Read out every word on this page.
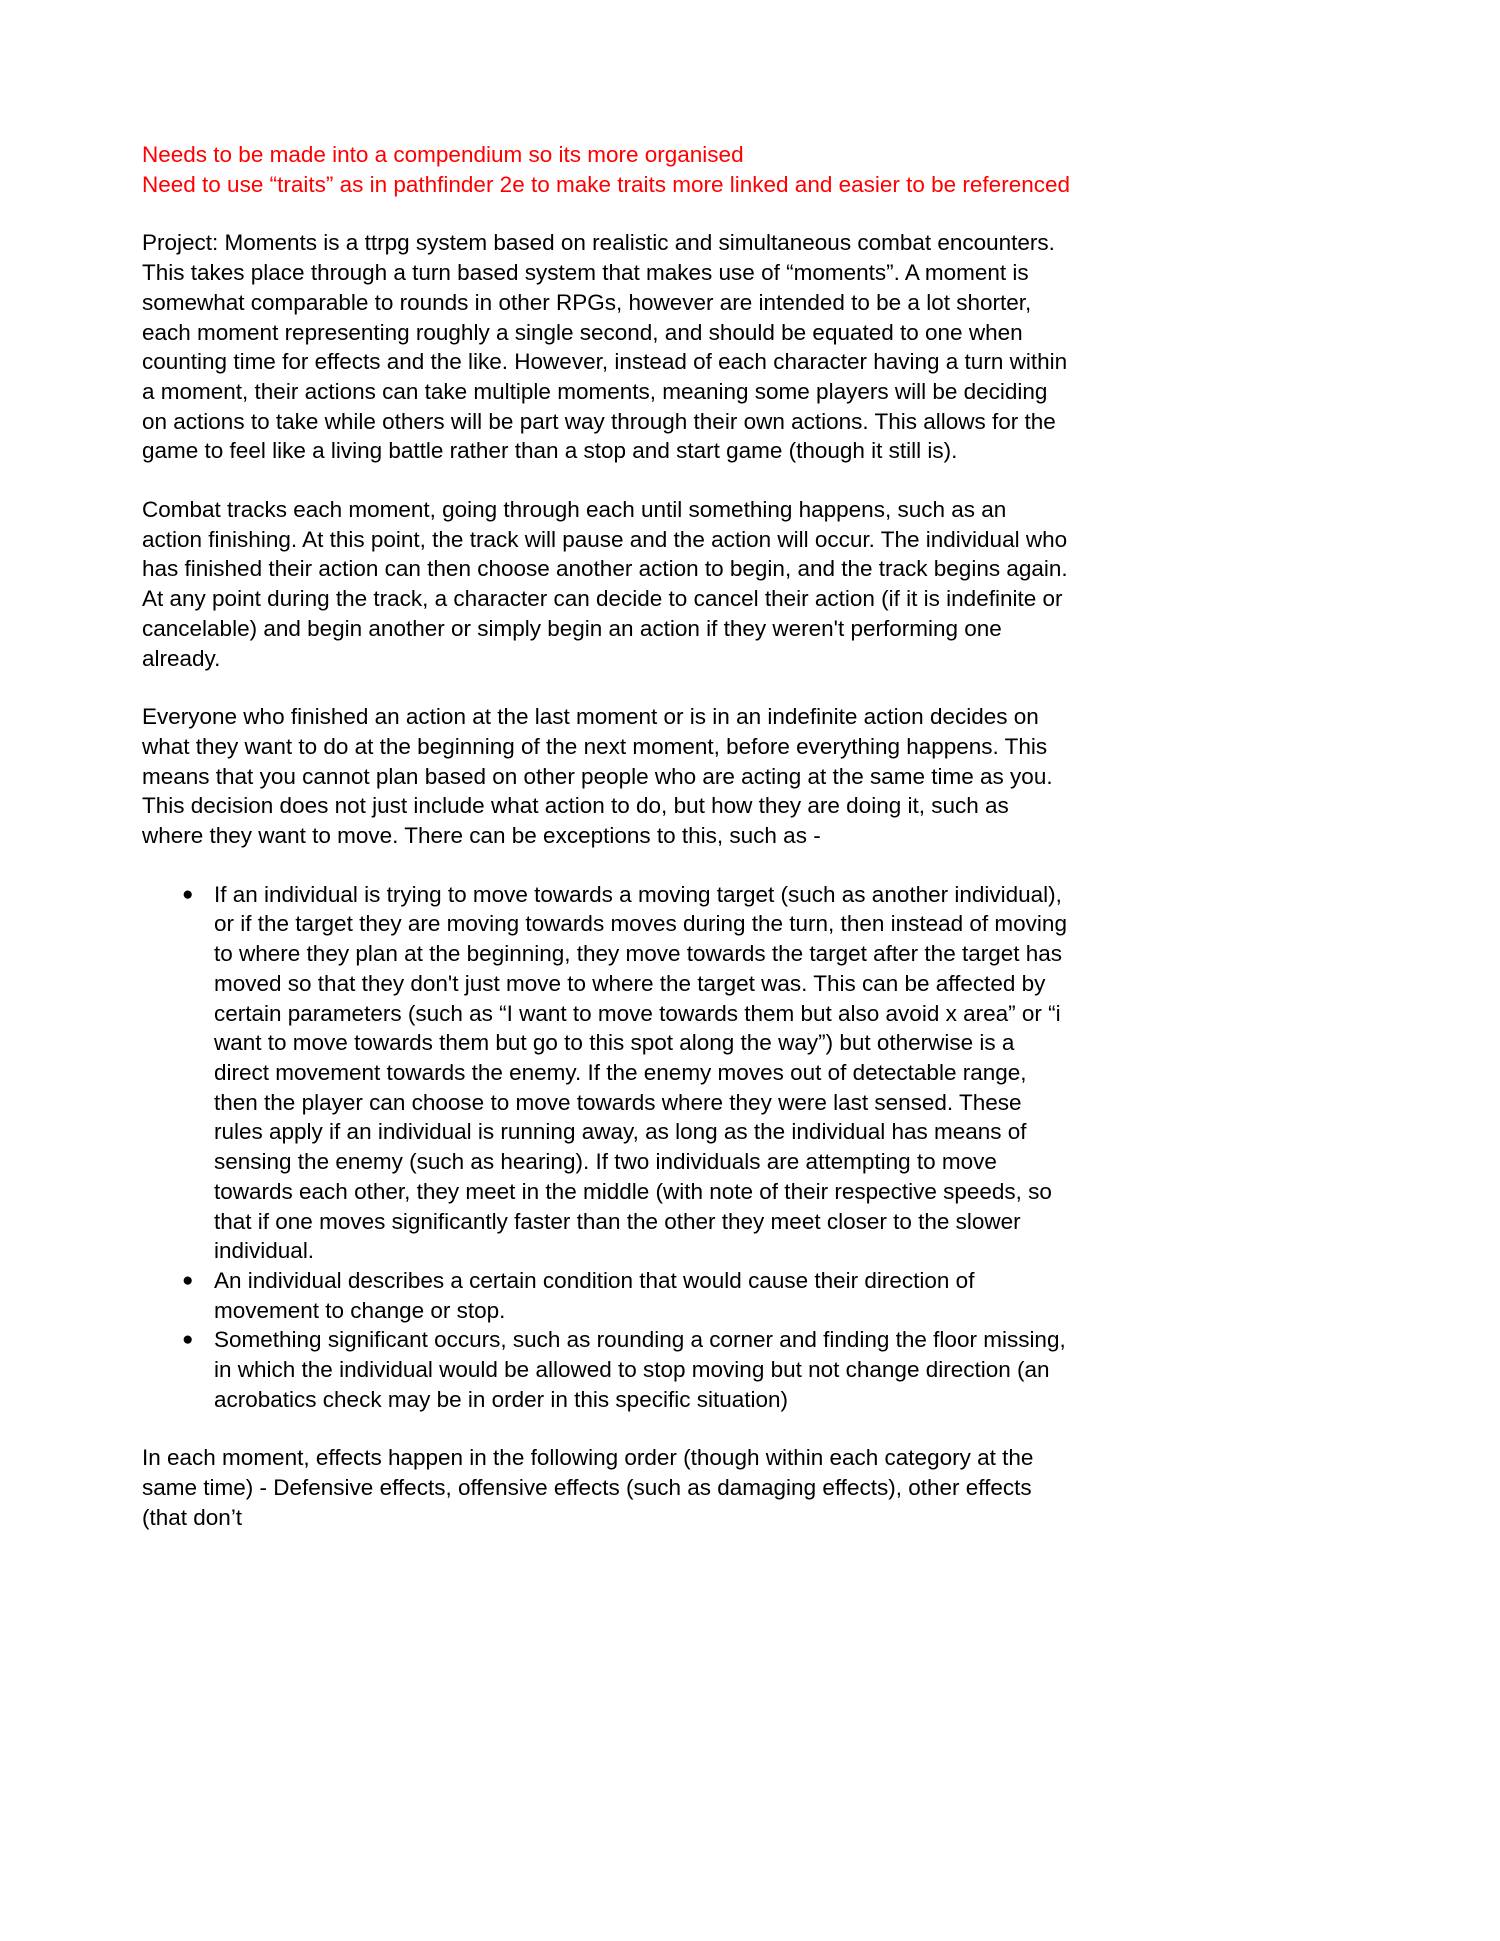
Needs to be made into a compendium so its more organised

Need to use “traits” as in pathfinder 2e to make traits more linked and easier to be referenced

Project: Moments is a ttrpg system based on realistic and simultaneous combat encounters. This takes place through a turn based system that makes use of “moments”. A moment is somewhat comparable to rounds in other RPGs, however are intended to be a lot shorter, each moment representing roughly a single second, and should be equated to one when counting time for effects and the like. However, instead of each character having a turn within a moment, their actions can take multiple moments, meaning some players will be deciding on actions to take while others will be part way through their own actions. This allows for the game to feel like a living battle rather than a stop and start game (though it still is).

Combat tracks each moment, going through each until something happens, such as an action finishing. At this point, the track will pause and the action will occur. The individual who has finished their action can then choose another action to begin, and the track begins again. At any point during the track, a character can decide to cancel their action (if it is indefinite or cancelable) and begin another or simply begin an action if they weren't performing one already.

Everyone who finished an action at the last moment or is in an indefinite action decides on what they want to do at the beginning of the next moment, before everything happens. This means that you cannot plan based on other people who are acting at the same time as you. This decision does not just include what action to do, but how they are doing it, such as where they want to move. There can be exceptions to this, such as -

● If an individual is trying to move towards a moving target (such as another individual), or if the target they are moving towards moves during the turn, then instead of moving to where they plan at the beginning, they move towards the target after the target has moved so that they don't just move to where the target was. This can be affected by certain parameters (such as “I want to move towards them but also avoid x area” or “i want to move towards them but go to this spot along the way”) but otherwise is a direct movement towards the enemy. If the enemy moves out of detectable range, then the player can choose to move towards where they were last sensed. These rules apply if an individual is running away, as long as the individual has means of sensing the enemy (such as hearing). If two individuals are attempting to move towards each other, they meet in the middle (with note of their respective speeds, so that if one moves significantly faster than the other they meet closer to the slower individual.
● An individual describes a certain condition that would cause their direction of movement to change or stop.
● Something significant occurs, such as rounding a corner and finding the floor missing, in which the individual would be allowed to stop moving but not change direction (an acrobatics check may be in order in this specific situation)

In each moment, effects happen in the following order (though within each category at the same time) - Defensive effects, offensive effects (such as damaging effects), other effects (that don’t
